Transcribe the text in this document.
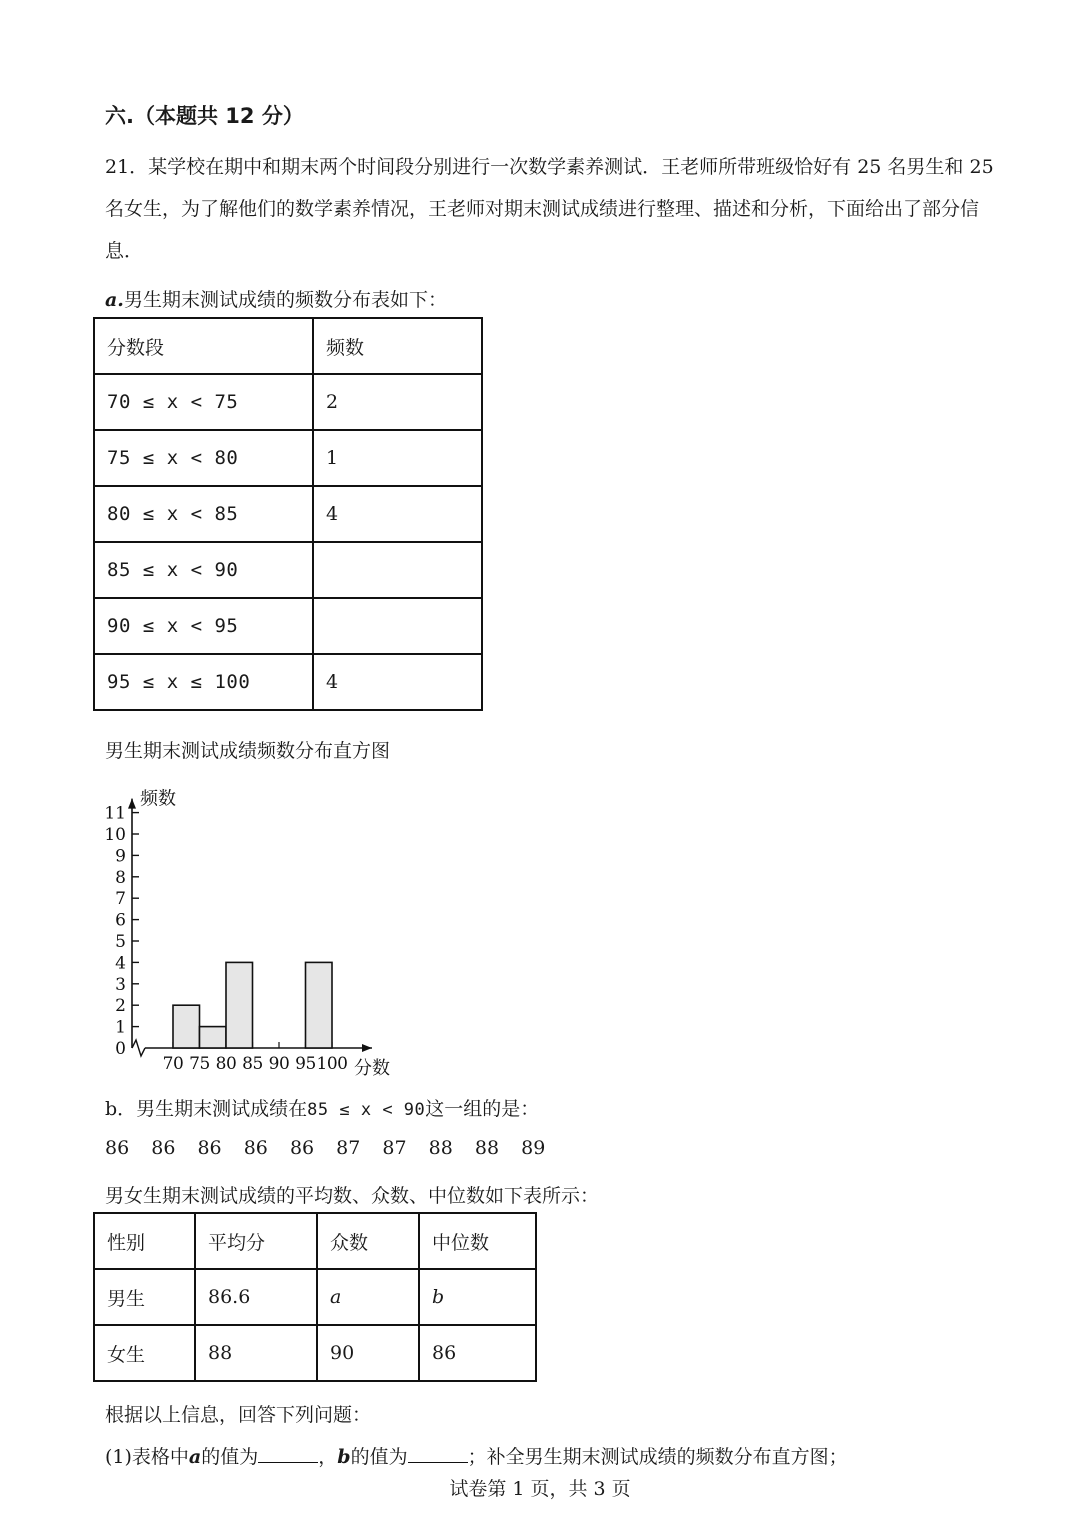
六.（本题共 12 分）
21．某学校在期中和期末两个时间段分别进行一次数学素养测试．王老师所带班级恰好有 25 名男生和 25
名女生，为了解他们的数学素养情况，王老师对期末测试成绩进行整理、描述和分析，下面给出了部分信
息．
a.男生期末测试成绩的频数分布表如下：
分数段	频数
70 ≤ x < 75	2
75 ≤ x < 80	1
80 ≤ x < 85	4
85 ≤ x < 90	
90 ≤ x < 95	
95 ≤ x ≤ 100	4
男生期末测试成绩频数分布直方图
频数
分数
0
1
2
3
4
5
6
7
8
9
10
11
70 75 80 85 90 95 100
b．男生期末测试成绩在85 ≤ x < 90这一组的是：
86 86 86 86 86 87 87 88 88 89
男女生期末测试成绩的平均数、众数、中位数如下表所示：
性别	平均分	众数	中位数
男生	86.6	a	b
女生	88	90	86
根据以上信息，回答下列问题：
(1)表格中a的值为	，b的值为	；补全男生期末测试成绩的频数分布直方图；
试卷第 1 页，共 3 页
